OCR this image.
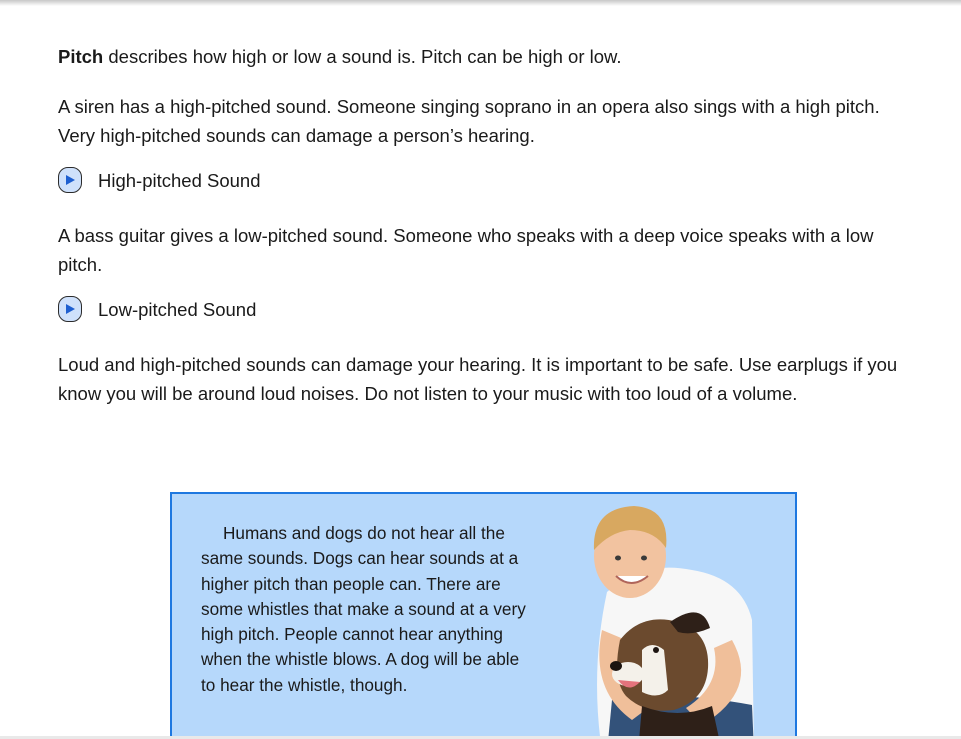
Pitch describes how high or low a sound is. Pitch can be high or low.

A siren has a high-pitched sound. Someone singing soprano in an opera also sings with a high pitch. Very high-pitched sounds can damage a person’s hearing.

High-pitched Sound

A bass guitar gives a low-pitched sound. Someone who speaks with a deep voice speaks with a low pitch.

Low-pitched Sound

Loud and high-pitched sounds can damage your hearing. It is important to be safe. Use earplugs if you know you will be around loud noises. Do not listen to your music with too loud of a volume.

Humans and dogs do not hear all the same sounds. Dogs can hear sounds at a higher pitch than people can. There are some whistles that make a sound at a very high pitch. People cannot hear anything when the whistle blows. A dog will be able to hear the whistle, though.
